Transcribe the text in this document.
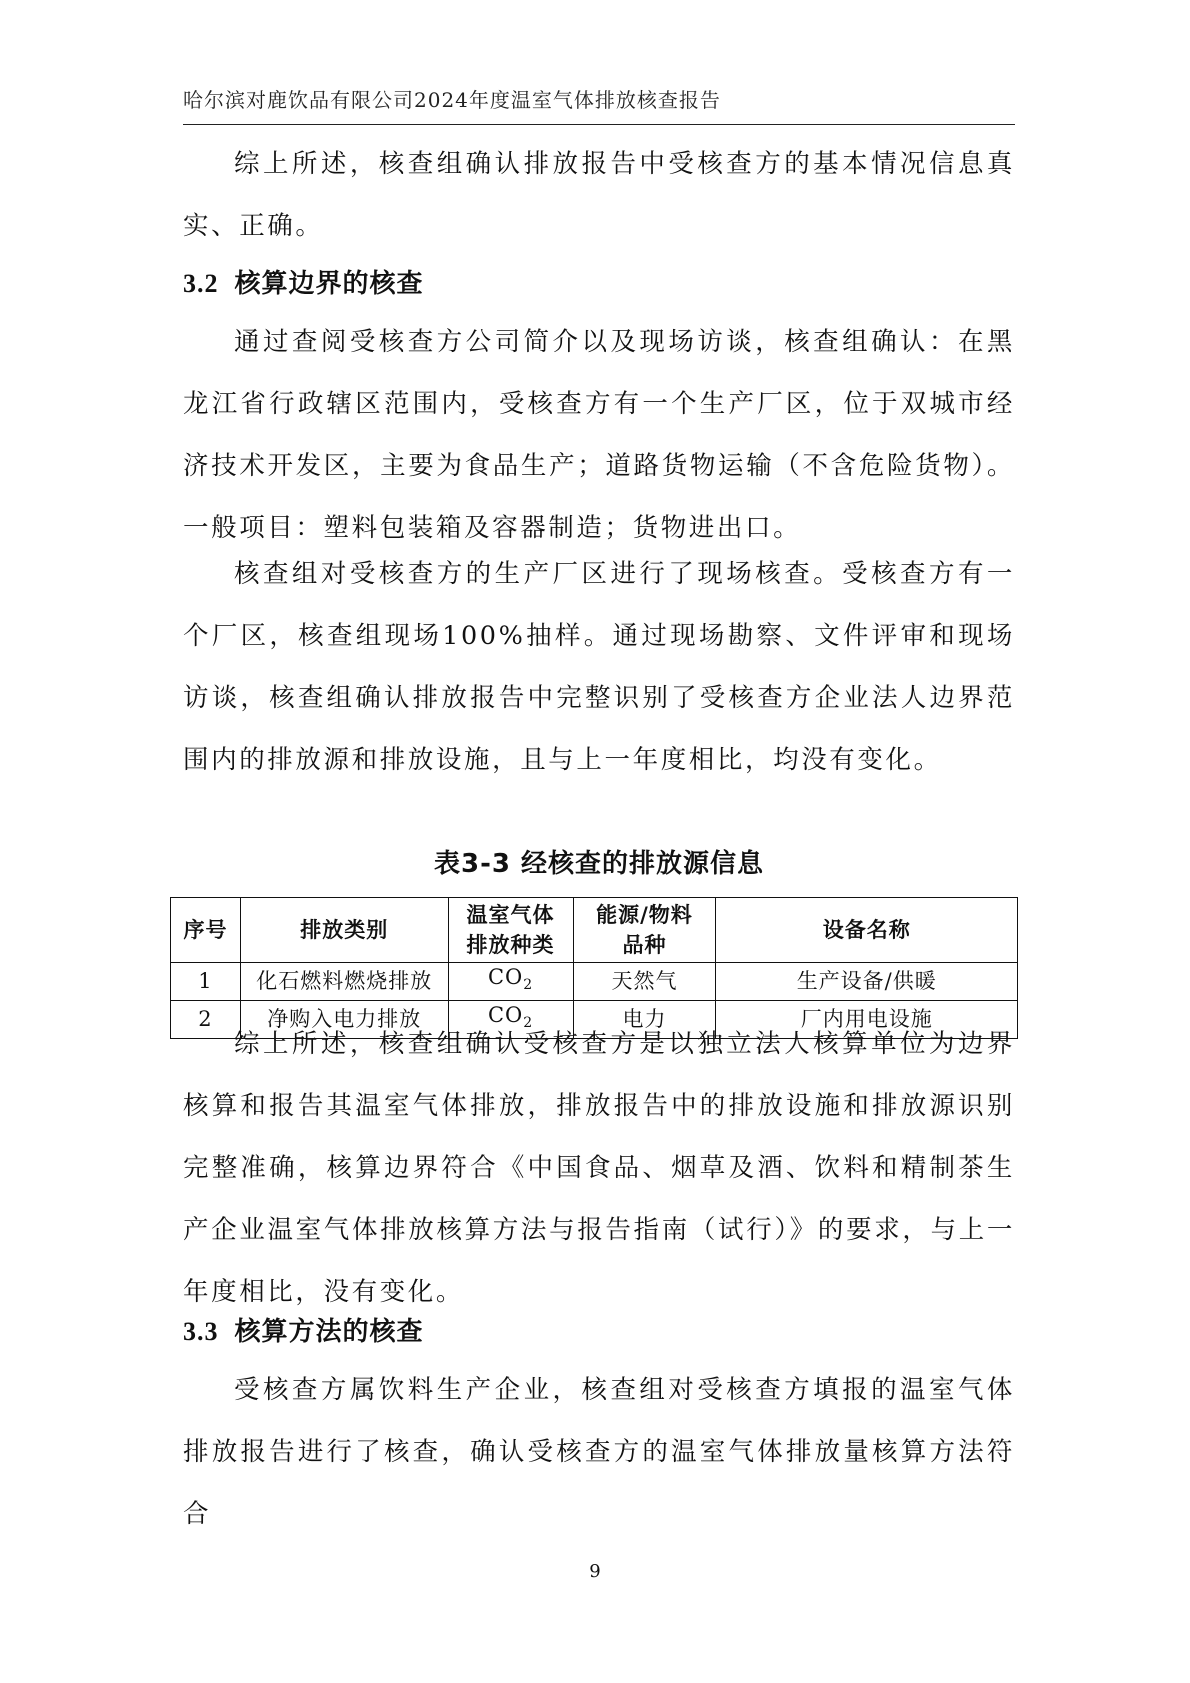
哈尔滨对鹿饮品有限公司2024年度温室气体排放核查报告
综上所述，核查组确认排放报告中受核查方的基本情况信息真实、正确。
3.2 核算边界的核查
通过查阅受核查方公司简介以及现场访谈，核查组确认：在黑龙江省行政辖区范围内，受核查方有一个生产厂区，位于双城市经济技术开发区，主要为食品生产；道路货物运输（不含危险货物）。一般项目：塑料包装箱及容器制造；货物进出口。
核查组对受核查方的生产厂区进行了现场核查。受核查方有一个厂区，核查组现场100%抽样。通过现场勘察、文件评审和现场访谈，核查组确认排放报告中完整识别了受核查方企业法人边界范围内的排放源和排放设施，且与上一年度相比，均没有变化。
表3-3 经核查的排放源信息
序号	排放类别	温室气体排放种类	能源/物料品种	设备名称
1	化石燃料燃烧排放	$CO_2$	天然气	生产设备/供暖
2	净购入电力排放	$CO_2$	电力	厂内用电设施
综上所述，核查组确认受核查方是以独立法人核算单位为边界核算和报告其温室气体排放，排放报告中的排放设施和排放源识别完整准确，核算边界符合《中国食品、烟草及酒、饮料和精制茶生产企业温室气体排放核算方法与报告指南（试行）》的要求，与上一年度相比，没有变化。
3.3 核算方法的核查
受核查方属饮料生产企业，核查组对受核查方填报的温室气体排放报告进行了核查，确认受核查方的温室气体排放量核算方法符合
9
